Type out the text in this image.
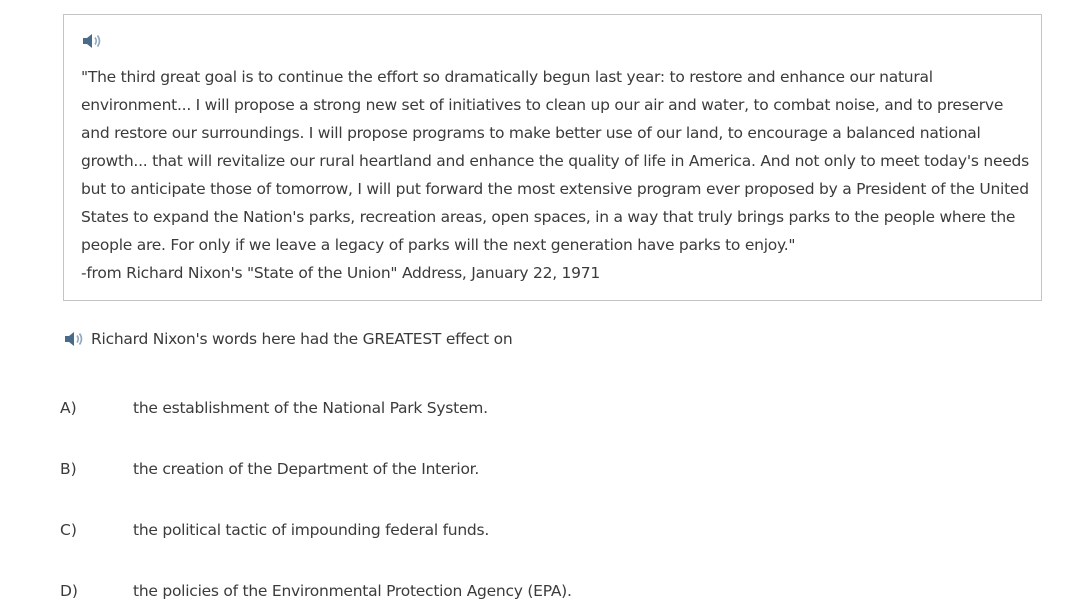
"The third great goal is to continue the effort so dramatically begun last year: to restore and enhance our natural environment... I will propose a strong new set of initiatives to clean up our air and water, to combat noise, and to preserve and restore our surroundings. I will propose programs to make better use of our land, to encourage a balanced national growth... that will revitalize our rural heartland and enhance the quality of life in America. And not only to meet today's needs but to anticipate those of tomorrow, I will put forward the most extensive program ever proposed by a President of the United States to expand the Nation's parks, recreation areas, open spaces, in a way that truly brings parks to the people where the people are. For only if we leave a legacy of parks will the next generation have parks to enjoy."

-from Richard Nixon's "State of the Union" Address, January 22, 1971

Richard Nixon's words here had the GREATEST effect on
A)	the establishment of the National Park System.
B)	the creation of the Department of the Interior.
C)	the political tactic of impounding federal funds.
D)	the policies of the Environmental Protection Agency (EPA).
